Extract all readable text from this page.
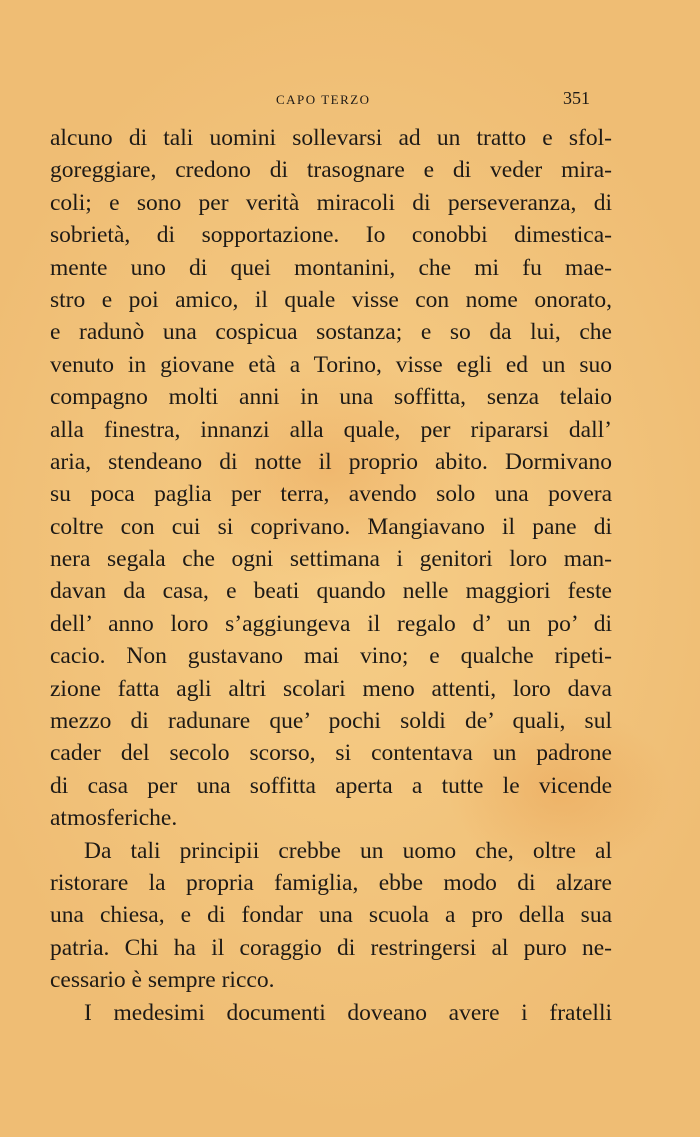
CAPO TERZO	351
alcuno di tali uomini sollevarsi ad un tratto e sfol-
goreggiare, credono di trasognare e di veder mira-
coli; e sono per verità miracoli di perseveranza, di
sobrietà, di sopportazione. Io conobbi dimestica-
mente uno di quei montanini, che mi fu mae-
stro e poi amico, il quale visse con nome onorato,
e radunò una cospicua sostanza; e so da lui, che
venuto in giovane età a Torino, visse egli ed un suo
compagno molti anni in una soffitta, senza telaio
alla finestra, innanzi alla quale, per ripararsi dall’
aria, stendeano di notte il proprio abito. Dormivano
su poca paglia per terra, avendo solo una povera
coltre con cui si coprivano. Mangiavano il pane di
nera segala che ogni settimana i genitori loro man-
davan da casa, e beati quando nelle maggiori feste
dell’ anno loro s’aggiungeva il regalo d’ un po’ di
cacio. Non gustavano mai vino; e qualche ripeti-
zione fatta agli altri scolari meno attenti, loro dava
mezzo di radunare que’ pochi soldi de’ quali, sul
cader del secolo scorso, si contentava un padrone
di casa per una soffitta aperta a tutte le vicende
atmosferiche.
Da tali principii crebbe un uomo che, oltre al
ristorare la propria famiglia, ebbe modo di alzare
una chiesa, e di fondar una scuola a pro della sua
patria. Chi ha il coraggio di restringersi al puro ne-
cessario è sempre ricco.
I medesimi documenti doveano avere i fratelli
